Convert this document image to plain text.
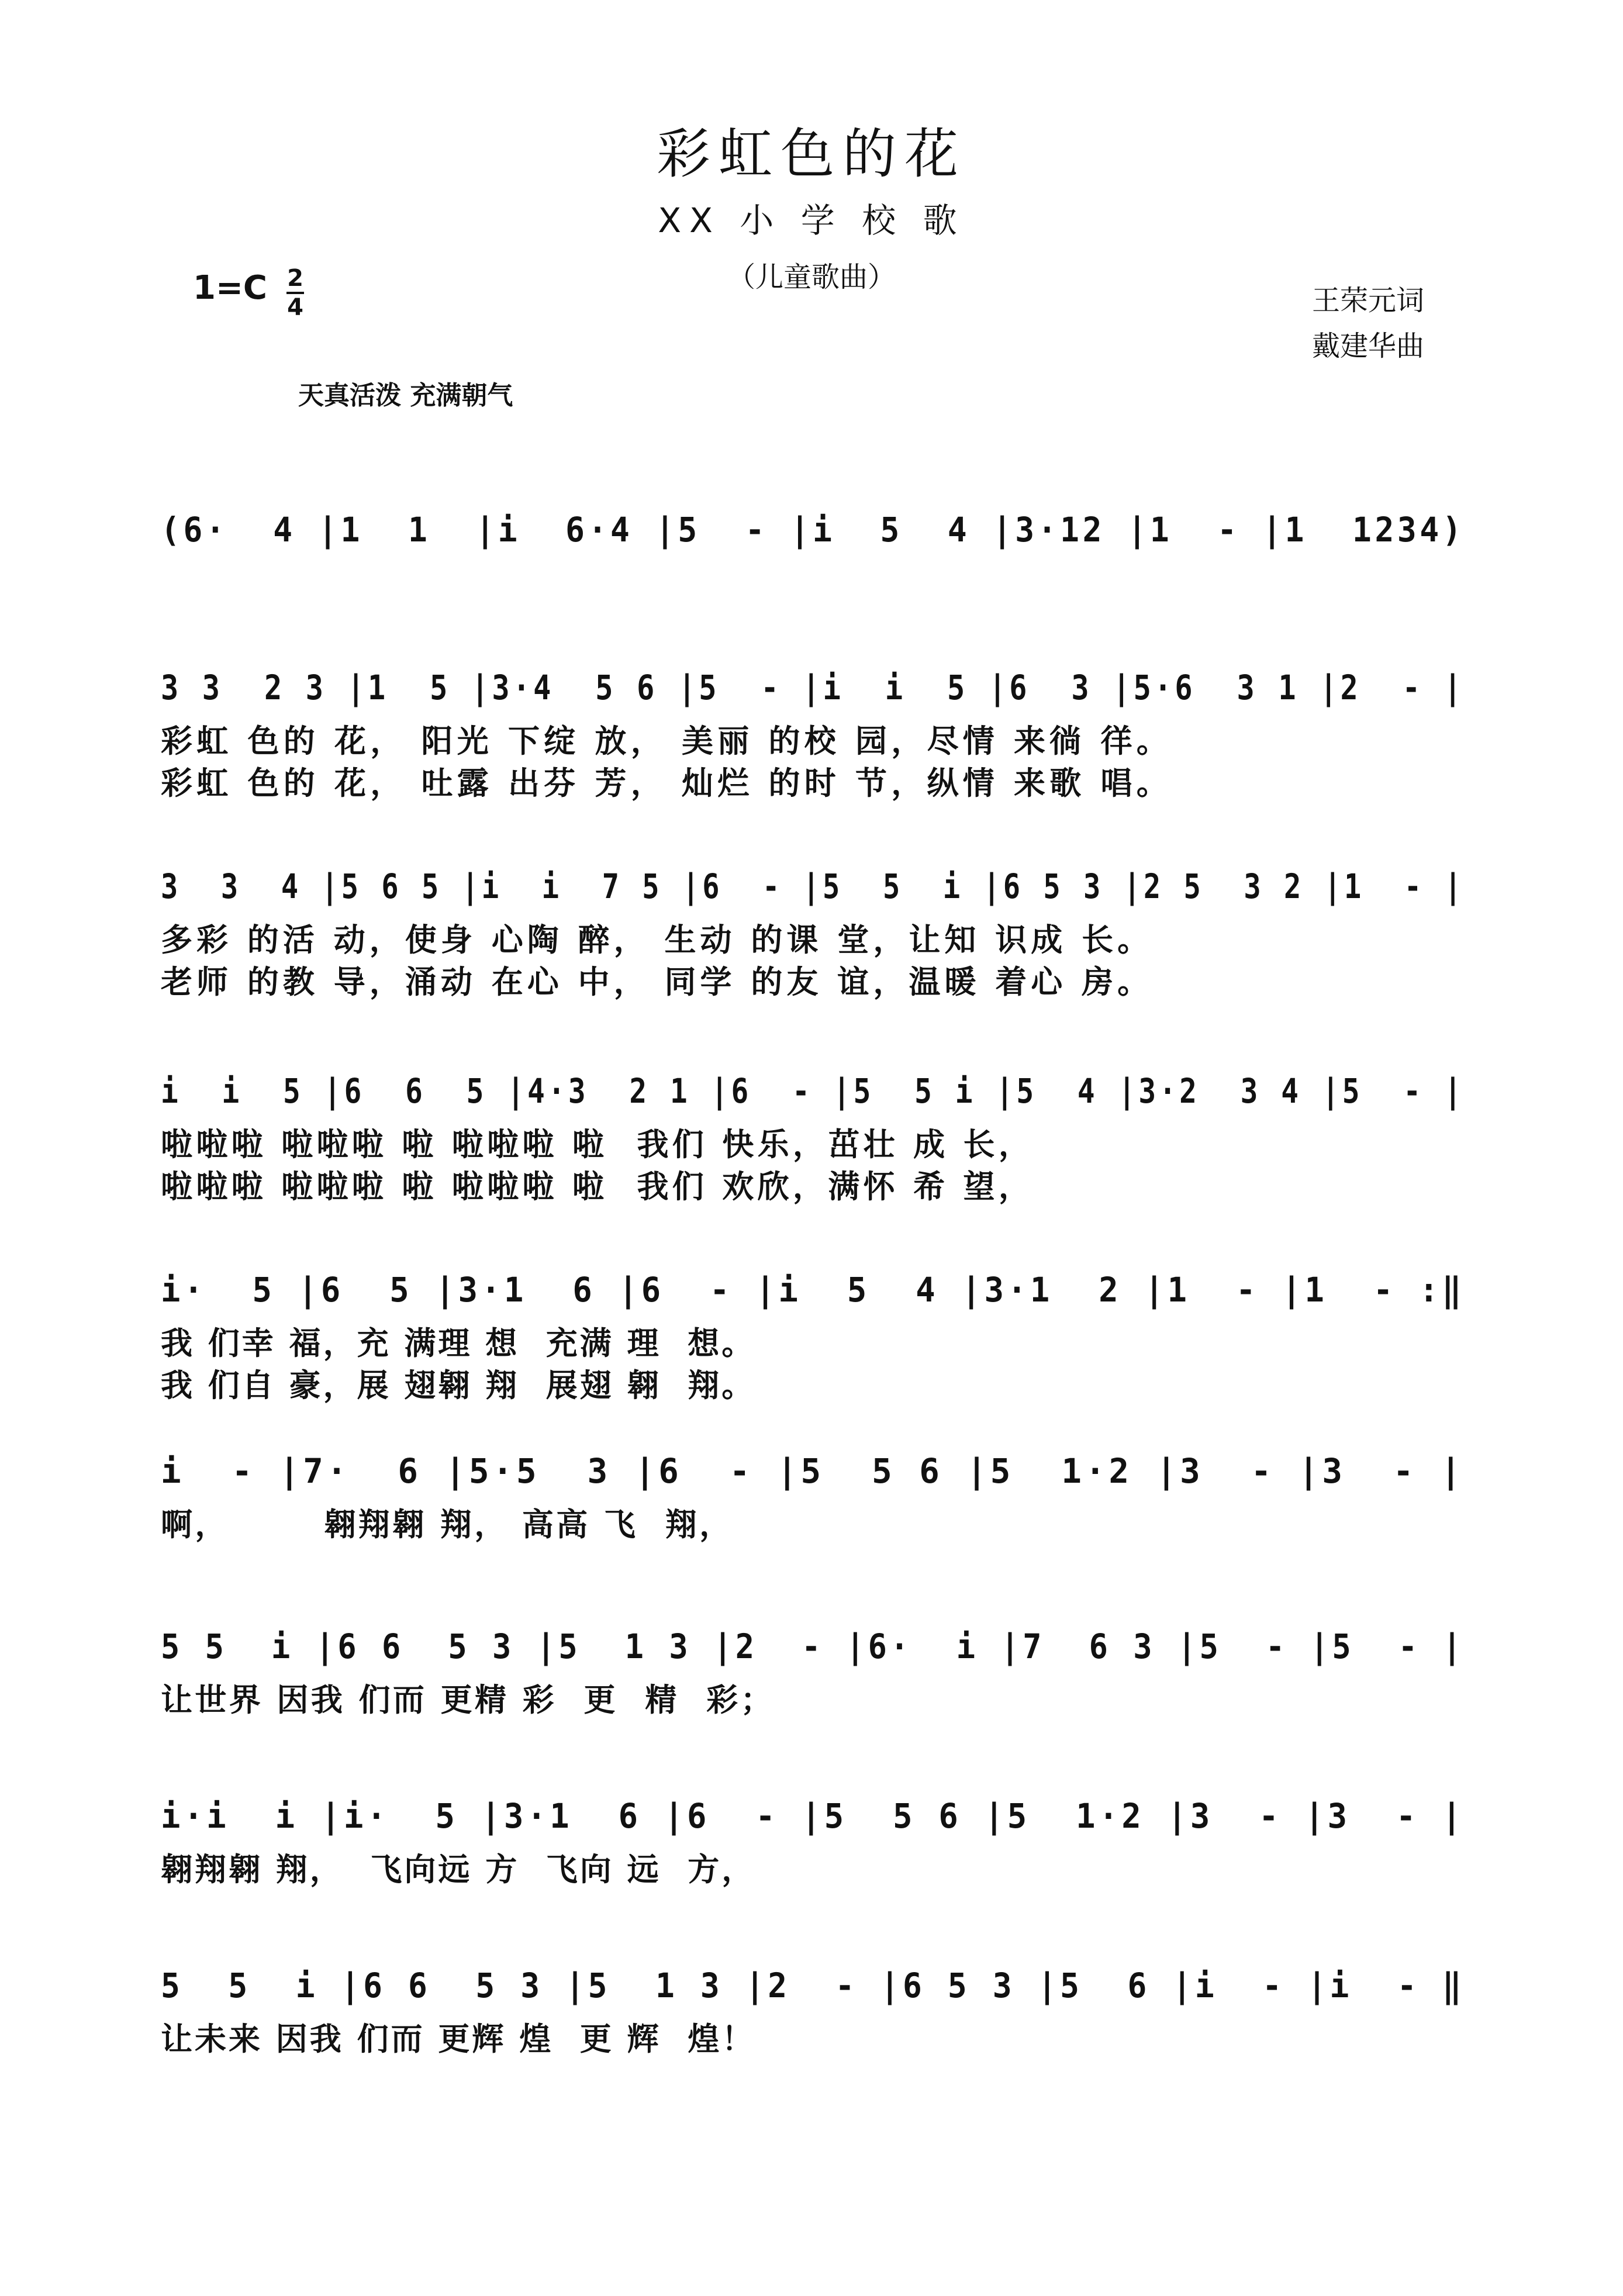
彩虹色的花
XX 小 学 校 歌
（儿童歌曲）
1=C 2
4	王荣元词
戴建华曲
天真活泼 充满朝气
(6·  4 |1  1  |i  6·4 |5  - |i  5  4 |3·12 |1  - |1  1234)
3 3  2 3 |1  5 |3·4  5 6 |5  - |i  i  5 |6  3 |5·6  3 1 |2  - |
彩虹 色的 花， 阳光 下绽 放， 美丽 的校 园，尽情 来徜 徉。
彩虹 色的 花， 吐露 出芬 芳， 灿烂 的时 节，纵情 来歌 唱。
3  3  4 |5 6 5 |i  i  7 5 |6  - |5  5  i |6 5 3 |2 5  3 2 |1  - |
多彩 的活 动，使身 心陶 醉， 生动 的课 堂，让知 识成 长。
老师 的教 导，涌动 在心 中， 同学 的友 谊，温暖 着心 房。
i  i  5 |6  6  5 |4·3  2 1 |6  - |5  5 i |5  4 |3·2  3 4 |5  - |
啦啦啦 啦啦啦 啦 啦啦啦 啦  我们 快乐，茁壮 成 长，
啦啦啦 啦啦啦 啦 啦啦啦 啦  我们 欢欣，满怀 希 望，
i·  5 |6  5 |3·1  6 |6  - |i  5  4 |3·1  2 |1  - |1  - :‖
我 们幸 福，充 满理 想  充满 理  想。
我 们自 豪，展 翅翱 翔  展翅 翱  翔。
i  - |7·  6 |5·5  3 |6  - |5  5 6 |5  1·2 |3  - |3  - |
啊，       翱翔翱 翔， 高高 飞  翔，
5 5  i |6 6  5 3 |5  1 3 |2  - |6·  i |7  6 3 |5  - |5  - |
让世界 因我 们而 更精 彩  更  精  彩；
i·i  i |i·  5 |3·1  6 |6  - |5  5 6 |5  1·2 |3  - |3  - |
翱翔翱 翔，  飞向远 方  飞向 远  方，
5  5  i |6 6  5 3 |5  1 3 |2  - |6 5 3 |5  6 |i  - |i  - ‖
让未来 因我 们而 更辉 煌  更 辉  煌！
